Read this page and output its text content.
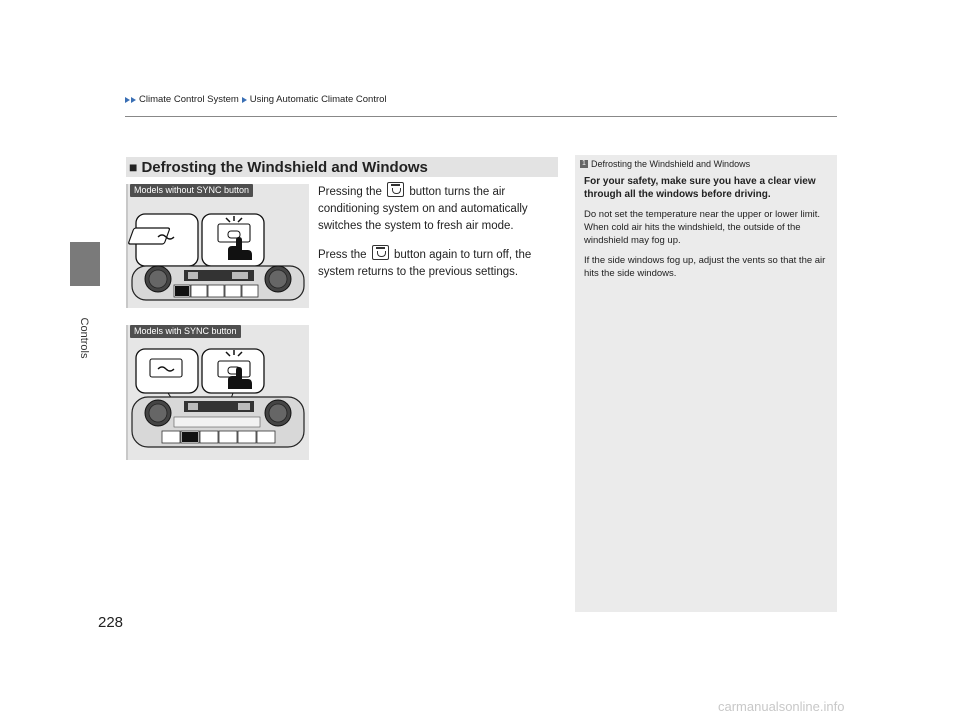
Controls
Climate Control System Using Automatic Climate Control
■ Defrosting the Windshield and Windows
Models without SYNC button
Models with SYNC button

Pressing the button turns the air conditioning system on and automatically switches the system to fresh air mode.

Press the button again to turn off, the system returns to the previous settings.

1 Defrosting the Windshield and Windows

For your safety, make sure you have a clear view through all the windows before driving.

Do not set the temperature near the upper or lower limit.
When cold air hits the windshield, the outside of the windshield may fog up.

If the side windows fog up, adjust the vents so that the air hits the side windows.

228
carmanualsonline.info
